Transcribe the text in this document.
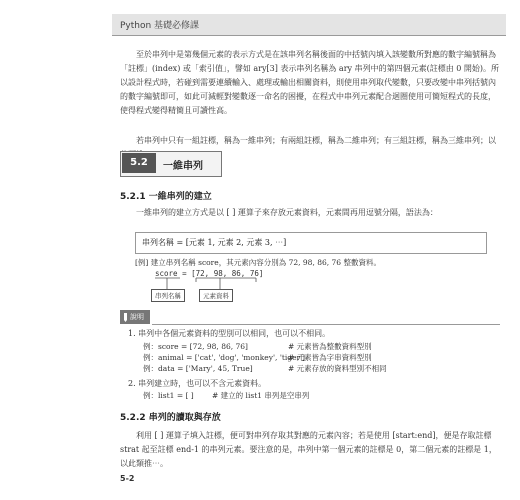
Python 基礎必修課
至於串列中是第幾個元素的表示方式是在該串列名稱後面的中括號內填入該變數所對應的數字編號稱為「註標」(index) 或「索引值」，譬如 ary[3] 表示串列名稱為 ary 串列中的第四個元素(註標由 0 開始)。所以設計程式時，若碰到需要連續輸入、處理或輸出相關資料，則使用串列取代變數，只要改變中串列括號內的數字編號即可，如此可減輕對變數逐一命名的困擾，在程式中串列元素配合迴圈使用可簡短程式的長度，使得程式變得精簡且可讀性高。
若串列中只有一組註標，稱為一維串列；有兩組註標，稱為二維串列；有三組註標，稱為三維串列；以
5.2	一維串列
5.2.1 一維串列的建立
一維串列的建立方式是以 [ ] 運算子來存放元素資料，元素間再用逗號分隔，語法為：
串列名稱 = [元素 1, 元素 2, 元素 3, ⋯]
[例] 建立串列名稱 score，其元素內容分別為 72, 98, 86, 76 整數資料。
score = [72, 98, 86, 76]
串列名稱	元素資料
說明
1. 串列中各個元素資料的型別可以相同，也可以不相同。
例：score = [72, 98, 86, 76]	# 元素皆為整數資料型別
例：animal = ['cat', 'dog', 'monkey', 'tiger']
# 元素皆為字串資料型別
例：data = ['Mary', 45, True]	# 元素存放的資料型別不相同
2. 串列建立時，也可以不含元素資料。
例：list1 = [ ] # 建立的 list1 串列是空串列
5.2.2 串列的讀取與存放
利用 [ ] 運算子填入註標，便可對串列存取其對應的元素內容；若是使用 [start:end]，便是存取註標 strat 起至註標 end-1 的串列元素。要注意的是，串列中第一個元素的註標是 0，第二個元素的註標是 1，以此類推⋯。
5-2
